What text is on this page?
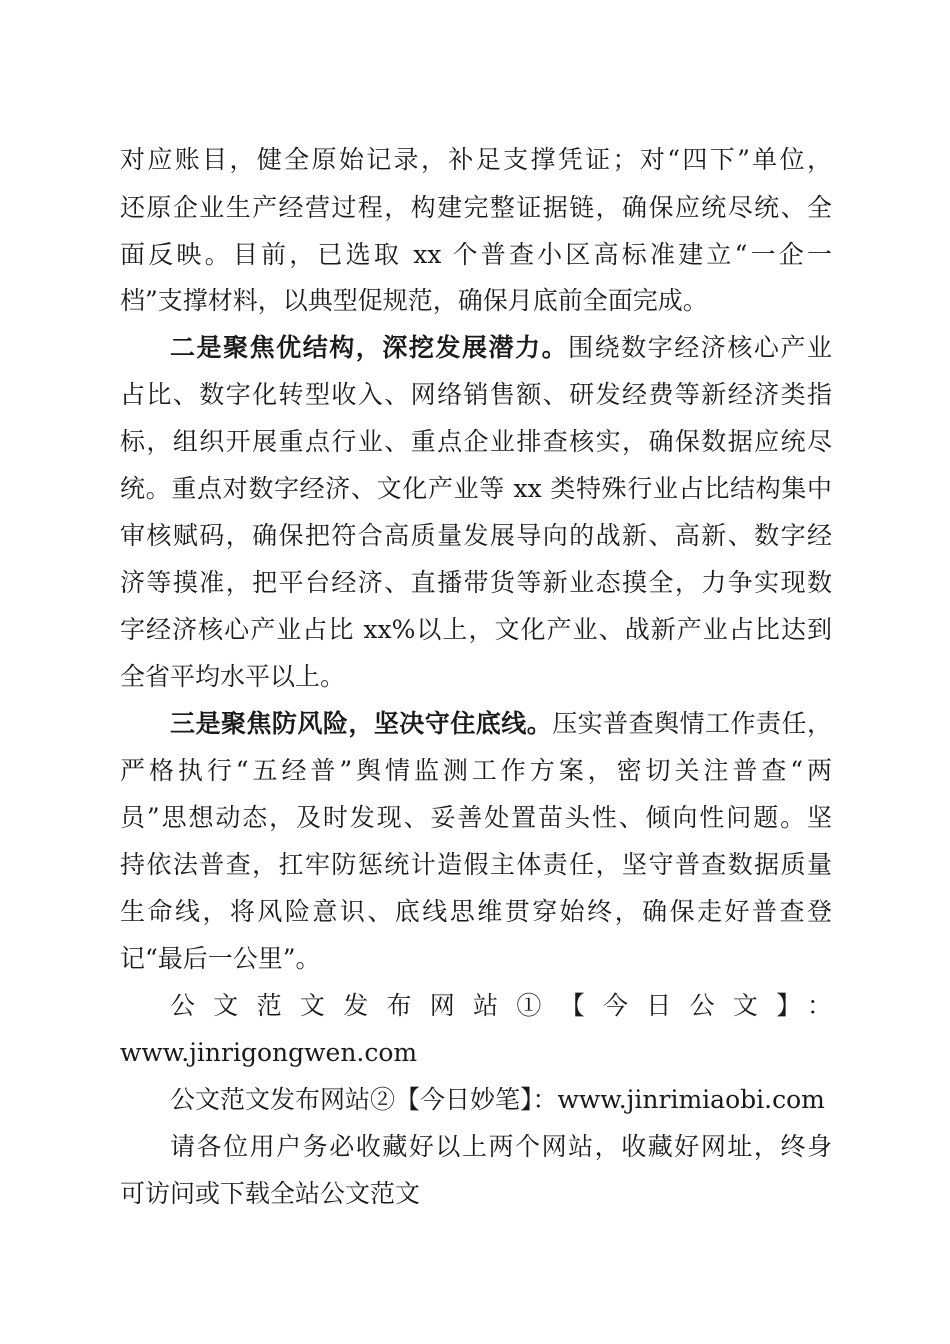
对应账目，健全原始记录，补足支撑凭证；对“四下”单位，
还原企业生产经营过程，构建完整证据链，确保应统尽统、全
面反映。目前，已选取 xx 个普查小区高标准建立“一企一
档”支撑材料，以典型促规范，确保月底前全面完成。
二是聚焦优结构，深挖发展潜力。围绕数字经济核心产业
占比、数字化转型收入、网络销售额、研发经费等新经济类指
标，组织开展重点行业、重点企业排查核实，确保数据应统尽
统。重点对数字经济、文化产业等 xx 类特殊行业占比结构集中
审核赋码，确保把符合高质量发展导向的战新、高新、数字经
济等摸准，把平台经济、直播带货等新业态摸全，力争实现数
字经济核心产业占比 xx%以上，文化产业、战新产业占比达到
全省平均水平以上。
三是聚焦防风险，坚决守住底线。压实普查舆情工作责任，
严格执行“五经普”舆情监测工作方案，密切关注普查“两
员”思想动态，及时发现、妥善处置苗头性、倾向性问题。坚
持依法普查，扛牢防惩统计造假主体责任，坚守普查数据质量
生命线，将风险意识、底线思维贯穿始终，确保走好普查登
记“最后一公里”。
公文范文发布网站①【今日公文】：
www.jinrigongwen.com
公文范文发布网站②【今日妙笔】：www.jinrimiaobi.com
请各位用户务必收藏好以上两个网站，收藏好网址，终身
可访问或下载全站公文范文
